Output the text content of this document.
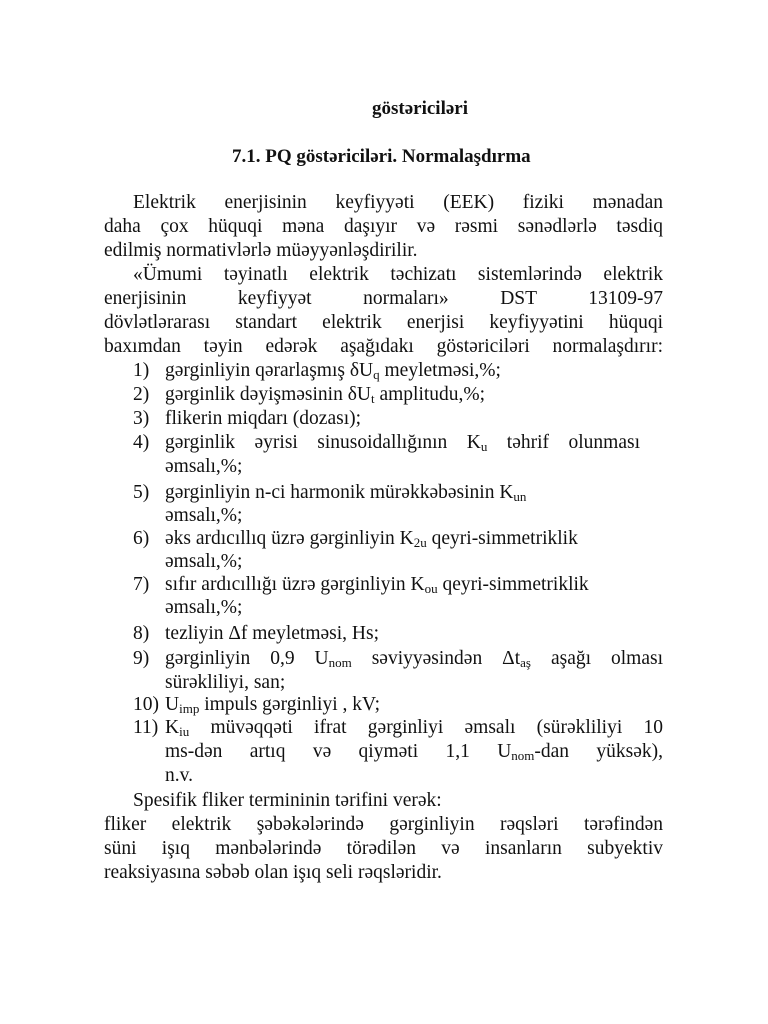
göstəriciləri
7.1. PQ göstəriciləri. Normalaşdırma
Elektrik enerjisinin keyfiyyəti (EEK) fiziki mənadan
daha çox hüquqi məna daşıyır və rəsmi sənədlərlə təsdiq
edilmiş normativlərlə müəyyənləşdirilir.
«Ümumi təyinatlı elektrik təchizatı sistemlərində elektrik
enerjisinin keyfiyyət normaları» DST 13109-97
dövlətlərarası standart elektrik enerjisi keyfiyyətini hüquqi
baxımdan təyin edərək aşağıdakı göstəriciləri normalaşdırır:
1) gərginliyin qərarlaşmış $\delta U_q$ meyletməsi,%;
2) gərginlik dəyişməsinin $\delta U_t$ amplitudu,%;
3) flikerin miqdarı (dozası);
4) gərginlik əyrisi sinusoidallığının $K_u$ təhrif olunması
əmsalı,%;
5) gərginliyin n-ci harmonik mürəkkəbəsinin $K_{un}$
əmsalı,%;
6) əks ardıcıllıq üzrə gərginliyin $K_{2u}$ qeyri-simmetriklik
əmsalı,%;
7) sıfır ardıcıllığı üzrə gərginliyin $K_{ou}$ qeyri-simmetriklik
əmsalı,%;
8) tezliyin Δf meyletməsi, Hs;
9) gərginliyin 0,9 $U_{nom}$ səviyyəsindən $\Delta t_{aş}$ aşağı olması
sürəkliliyi, san;
10) $U_{imp}$ impuls gərginliyi , kV;
11) $K_{iu}$ müvəqqəti ifrat gərginliyi əmsalı (sürəkliliyi 10
ms-dən artıq və qiyməti 1,1 $U_{nom}$-dan yüksək),
n.v.
Spesifik fliker termininin tərifini verək:
fliker elektrik şəbəkələrində gərginliyin rəqsləri tərəfindən
süni işıq mənbələrində törədilən və insanların subyektiv
reaksiyasına səbəb olan işıq seli rəqsləridir.
